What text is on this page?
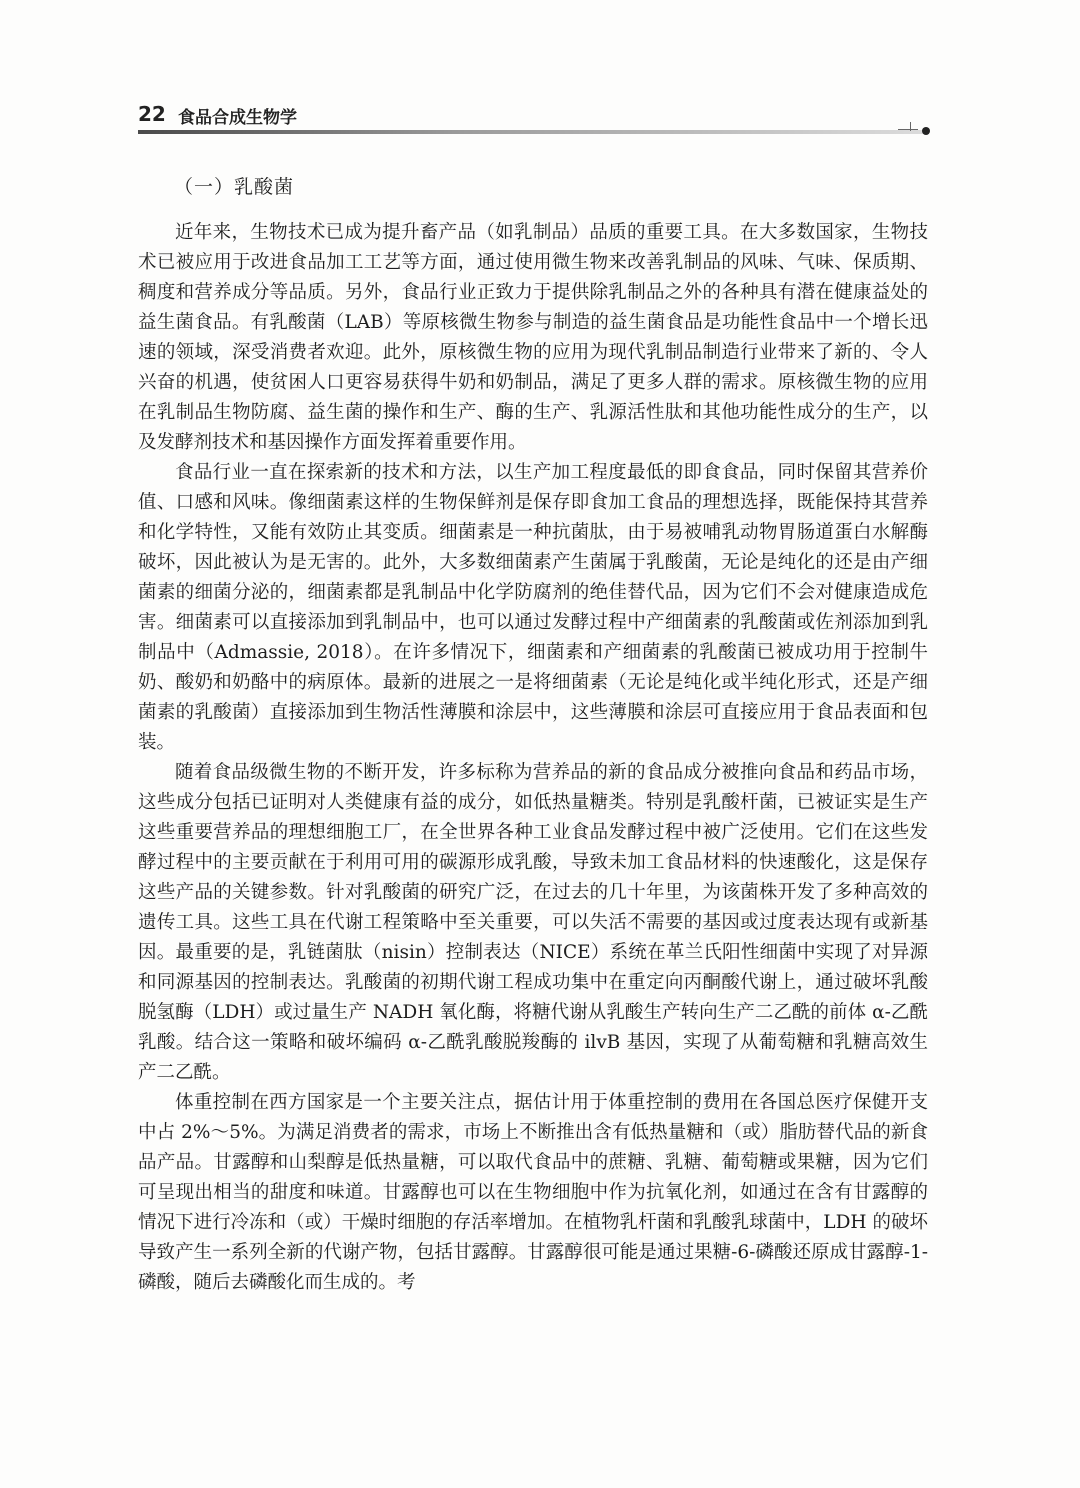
22 食品合成生物学
（一）乳酸菌

近年来，生物技术已成为提升畜产品（如乳制品）品质的重要工具。在大多数国家，生物技术已被应用于改进食品加工工艺等方面，通过使用微生物来改善乳制品的风味、气味、保质期、稠度和营养成分等品质。另外，食品行业正致力于提供除乳制品之外的各种具有潜在健康益处的益生菌食品。有乳酸菌（LAB）等原核微生物参与制造的益生菌食品是功能性食品中一个增长迅速的领域，深受消费者欢迎。此外，原核微生物的应用为现代乳制品制造行业带来了新的、令人兴奋的机遇，使贫困人口更容易获得牛奶和奶制品，满足了更多人群的需求。原核微生物的应用在乳制品生物防腐、益生菌的操作和生产、酶的生产、乳源活性肽和其他功能性成分的生产，以及发酵剂技术和基因操作方面发挥着重要作用。

食品行业一直在探索新的技术和方法，以生产加工程度最低的即食食品，同时保留其营养价值、口感和风味。像细菌素这样的生物保鲜剂是保存即食加工食品的理想选择，既能保持其营养和化学特性，又能有效防止其变质。细菌素是一种抗菌肽，由于易被哺乳动物胃肠道蛋白水解酶破坏，因此被认为是无害的。此外，大多数细菌素产生菌属于乳酸菌，无论是纯化的还是由产细菌素的细菌分泌的，细菌素都是乳制品中化学防腐剂的绝佳替代品，因为它们不会对健康造成危害。细菌素可以直接添加到乳制品中，也可以通过发酵过程中产细菌素的乳酸菌或佐剂添加到乳制品中（Admassie, 2018）。在许多情况下，细菌素和产细菌素的乳酸菌已被成功用于控制牛奶、酸奶和奶酪中的病原体。最新的进展之一是将细菌素（无论是纯化或半纯化形式，还是产细菌素的乳酸菌）直接添加到生物活性薄膜和涂层中，这些薄膜和涂层可直接应用于食品表面和包装。

随着食品级微生物的不断开发，许多标称为营养品的新的食品成分被推向食品和药品市场，这些成分包括已证明对人类健康有益的成分，如低热量糖类。特别是乳酸杆菌，已被证实是生产这些重要营养品的理想细胞工厂，在全世界各种工业食品发酵过程中被广泛使用。它们在这些发酵过程中的主要贡献在于利用可用的碳源形成乳酸，导致未加工食品材料的快速酸化，这是保存这些产品的关键参数。针对乳酸菌的研究广泛，在过去的几十年里，为该菌株开发了多种高效的遗传工具。这些工具在代谢工程策略中至关重要，可以失活不需要的基因或过度表达现有或新基因。最重要的是，乳链菌肽（nisin）控制表达（NICE）系统在革兰氏阳性细菌中实现了对异源和同源基因的控制表达。乳酸菌的初期代谢工程成功集中在重定向丙酮酸代谢上，通过破坏乳酸脱氢酶（LDH）或过量生产 NADH 氧化酶，将糖代谢从乳酸生产转向生产二乙酰的前体 α-乙酰乳酸。结合这一策略和破坏编码 α-乙酰乳酸脱羧酶的 ilvB 基因，实现了从葡萄糖和乳糖高效生产二乙酰。

体重控制在西方国家是一个主要关注点，据估计用于体重控制的费用在各国总医疗保健开支中占 2%～5%。为满足消费者的需求，市场上不断推出含有低热量糖和（或）脂肪替代品的新食品产品。甘露醇和山梨醇是低热量糖，可以取代食品中的蔗糖、乳糖、葡萄糖或果糖，因为它们可呈现出相当的甜度和味道。甘露醇也可以在生物细胞中作为抗氧化剂，如通过在含有甘露醇的情况下进行冷冻和（或）干燥时细胞的存活率增加。在植物乳杆菌和乳酸乳球菌中，LDH 的破坏导致产生一系列全新的代谢产物，包括甘露醇。甘露醇很可能是通过果糖-6-磷酸还原成甘露醇-1-磷酸，随后去磷酸化而生成的。考
